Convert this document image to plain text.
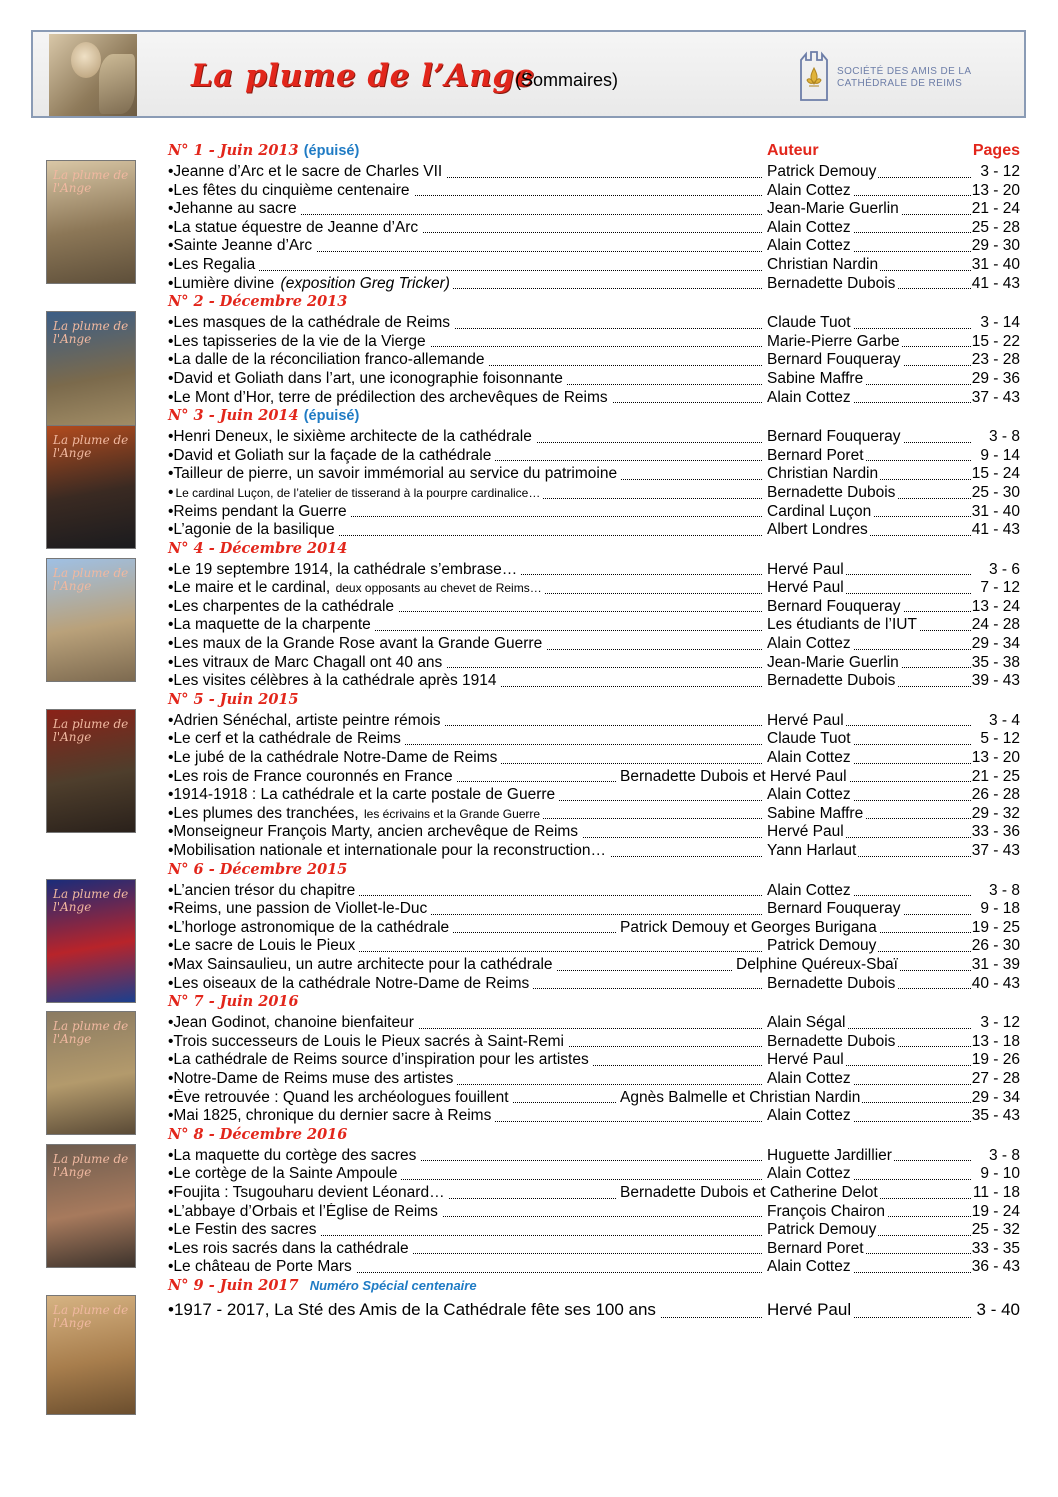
La plume de l’Ange
(Sommaires)	SOCIÉTÉ DES AMIS DE LA
CATHÉDRALE DE REIMS
La plume de l'Ange
La plume de l'Ange
La plume de l'Ange
La plume de l'Ange
La plume de l'Ange
La plume de l'Ange
La plume de l'Ange
La plume de l'Ange
La plume de l'Ange
N° 1 - Juin 2013 (épuisé)	Auteur	Pages
•Jeanne d’Arc et le sacre de Charles VII	Patrick Demouy	3 - 12
•Les fêtes du cinquième centenaire	Alain Cottez	13 - 20
•Jehanne au sacre	Jean-Marie Guerlin	21 - 24
•La statue équestre de Jeanne d’Arc	Alain Cottez	25 - 28
•Sainte Jeanne d’Arc	Alain Cottez	29 - 30
•Les Regalia	Christian Nardin	31 - 40
•Lumière divine (exposition Greg Tricker)	Bernadette Dubois	41 - 43
N° 2 - Décembre 2013
•Les masques de la cathédrale de Reims	Claude Tuot	3 - 14
•Les tapisseries de la vie de la Vierge	Marie-Pierre Garbe	15 - 22
•La dalle de la réconciliation franco-allemande	Bernard Fouqueray	23 - 28
•David et Goliath dans l’art, une iconographie foisonnante	Sabine Maffre	29 - 36
•Le Mont d’Hor, terre de prédilection des archevêques de Reims	Alain Cottez	37 - 43
N° 3 - Juin 2014 (épuisé)
•Henri Deneux, le sixième architecte de la cathédrale	Bernard Fouqueray	3 - 8
•David et Goliath sur la façade de la cathédrale	Bernard Poret	9 - 14
•Tailleur de pierre, un savoir immémorial au service du patrimoine	Christian Nardin	15 - 24
• Le cardinal Luçon, de l’atelier de tisserand à la pourpre cardinalice…	Bernadette Dubois	25 - 30
•Reims pendant la Guerre	Cardinal Luçon	31 - 40
•L’agonie de la basilique	Albert Londres	41 - 43
N° 4 - Décembre 2014
•Le 19 septembre 1914, la cathédrale s’embrase…	Hervé Paul	3 - 6
•Le maire et le cardinal, deux opposants au chevet de Reims…	Hervé Paul	7 - 12
•Les charpentes de la cathédrale	Bernard Fouqueray	13 - 24
•La maquette de la charpente	Les étudiants de l’IUT	24 - 28
•Les maux de la Grande Rose avant la Grande Guerre	Alain Cottez	29 - 34
•Les vitraux de Marc Chagall ont 40 ans	Jean-Marie Guerlin	35 - 38
•Les visites célèbres à la cathédrale après 1914	Bernadette Dubois	39 - 43
N° 5 - Juin 2015
•Adrien Sénéchal, artiste peintre rémois	Hervé Paul	3 - 4
•Le cerf et la cathédrale de Reims	Claude Tuot	5 - 12
•Le jubé de la cathédrale Notre-Dame de Reims	Alain Cottez	13 - 20
•Les rois de France couronnés en France	Bernadette Dubois et Hervé Paul	21 - 25
•1914-1918 : La cathédrale et la carte postale de Guerre	Alain Cottez	26 - 28
•Les plumes des tranchées, les écrivains et la Grande Guerre	Sabine Maffre	29 - 32
•Monseigneur François Marty, ancien archevêque de Reims	Hervé Paul	33 - 36
•Mobilisation nationale et internationale pour la reconstruction…	Yann Harlaut	37 - 43
N° 6 - Décembre 2015
•L’ancien trésor du chapitre	Alain Cottez	3 - 8
•Reims, une passion de Viollet-le-Duc	Bernard Fouqueray	9 - 18
•L’horloge astronomique de la cathédrale	Patrick Demouy et Georges Burigana	19 - 25
•Le sacre de Louis le Pieux	Patrick Demouy	26 - 30
•Max Sainsaulieu, un autre architecte pour la cathédrale	Delphine Quéreux-Sbaï	31 - 39
•Les oiseaux de la cathédrale Notre-Dame de Reims	Bernadette Dubois	40 - 43
N° 7 - Juin 2016
•Jean Godinot, chanoine bienfaiteur	Alain Ségal	3 - 12
•Trois successeurs de Louis le Pieux sacrés à Saint-Remi	Bernadette Dubois	13 - 18
•La cathédrale de Reims source d’inspiration pour les artistes	Hervé Paul	19 - 26
•Notre-Dame de Reims muse des artistes	Alain Cottez	27 - 28
•Ève retrouvée : Quand les archéologues fouillent	Agnès Balmelle et Christian Nardin	29 - 34
•Mai 1825, chronique du dernier sacre à Reims	Alain Cottez	35 - 43
N° 8 - Décembre 2016
•La maquette du cortège des sacres	Huguette Jardillier	3 - 8
•Le cortège de la Sainte Ampoule	Alain Cottez	9 - 10
•Foujita : Tsugouharu devient Léonard…	Bernadette Dubois et Catherine Delot	11 - 18
•L’abbaye d’Orbais et l’Église de Reims	François Chairon	19 - 24
•Le Festin des sacres	Patrick Demouy	25 - 32
•Les rois sacrés dans la cathédrale	Bernard Poret	33 - 35
•Le château de Porte Mars	Alain Cottez	36 - 43
N° 9 - Juin 2017 Numéro Spécial centenaire
•1917 - 2017, La Sté des Amis de la Cathédrale fête ses 100 ans	Hervé Paul	3 - 40
